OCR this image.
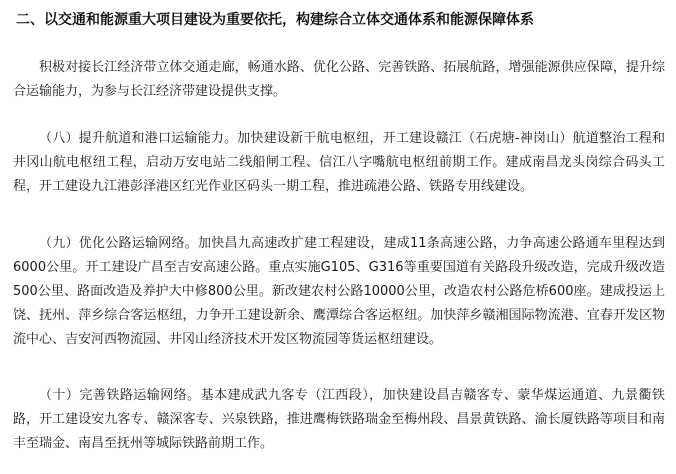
二、以交通和能源重大项目建设为重要依托，构建综合立体交通体系和能源保障体系

积极对接长江经济带立体交通走廊，畅通水路、优化公路、完善铁路、拓展航路，增强能源供应保障，提升综合运输能力，为参与长江经济带建设提供支撑。

（八）提升航道和港口运输能力。加快建设新干航电枢纽，开工建设赣江（石虎塘-神岗山）航道整治工程和井冈山航电枢纽工程，启动万安电站二线船闸工程、信江八字嘴航电枢纽前期工作。建成南昌龙头岗综合码头工程，开工建设九江港彭泽港区红光作业区码头一期工程，推进疏港公路、铁路专用线建设。

（九）优化公路运输网络。加快昌九高速改扩建工程建设，建成11条高速公路，力争高速公路通车里程达到6000公里。开工建设广昌至吉安高速公路。重点实施G105、G316等重要国道有关路段升级改造，完成升级改造500公里、路面改造及养护大中修800公里。新改建农村公路10000公里，改造农村公路危桥600座。建成投运上饶、抚州、萍乡综合客运枢纽，力争开工建设新余、鹰潭综合客运枢纽。加快萍乡赣湘国际物流港、宜春开发区物流中心、吉安河西物流园、井冈山经济技术开发区物流园等货运枢纽建设。

（十）完善铁路运输网络。基本建成武九客专（江西段），加快建设昌吉赣客专、蒙华煤运通道、九景衢铁路，开工建设安九客专、赣深客专、兴泉铁路，推进鹰梅铁路瑞金至梅州段、昌景黄铁路、渝长厦铁路等项目和南丰至瑞金、南昌至抚州等城际铁路前期工作。
